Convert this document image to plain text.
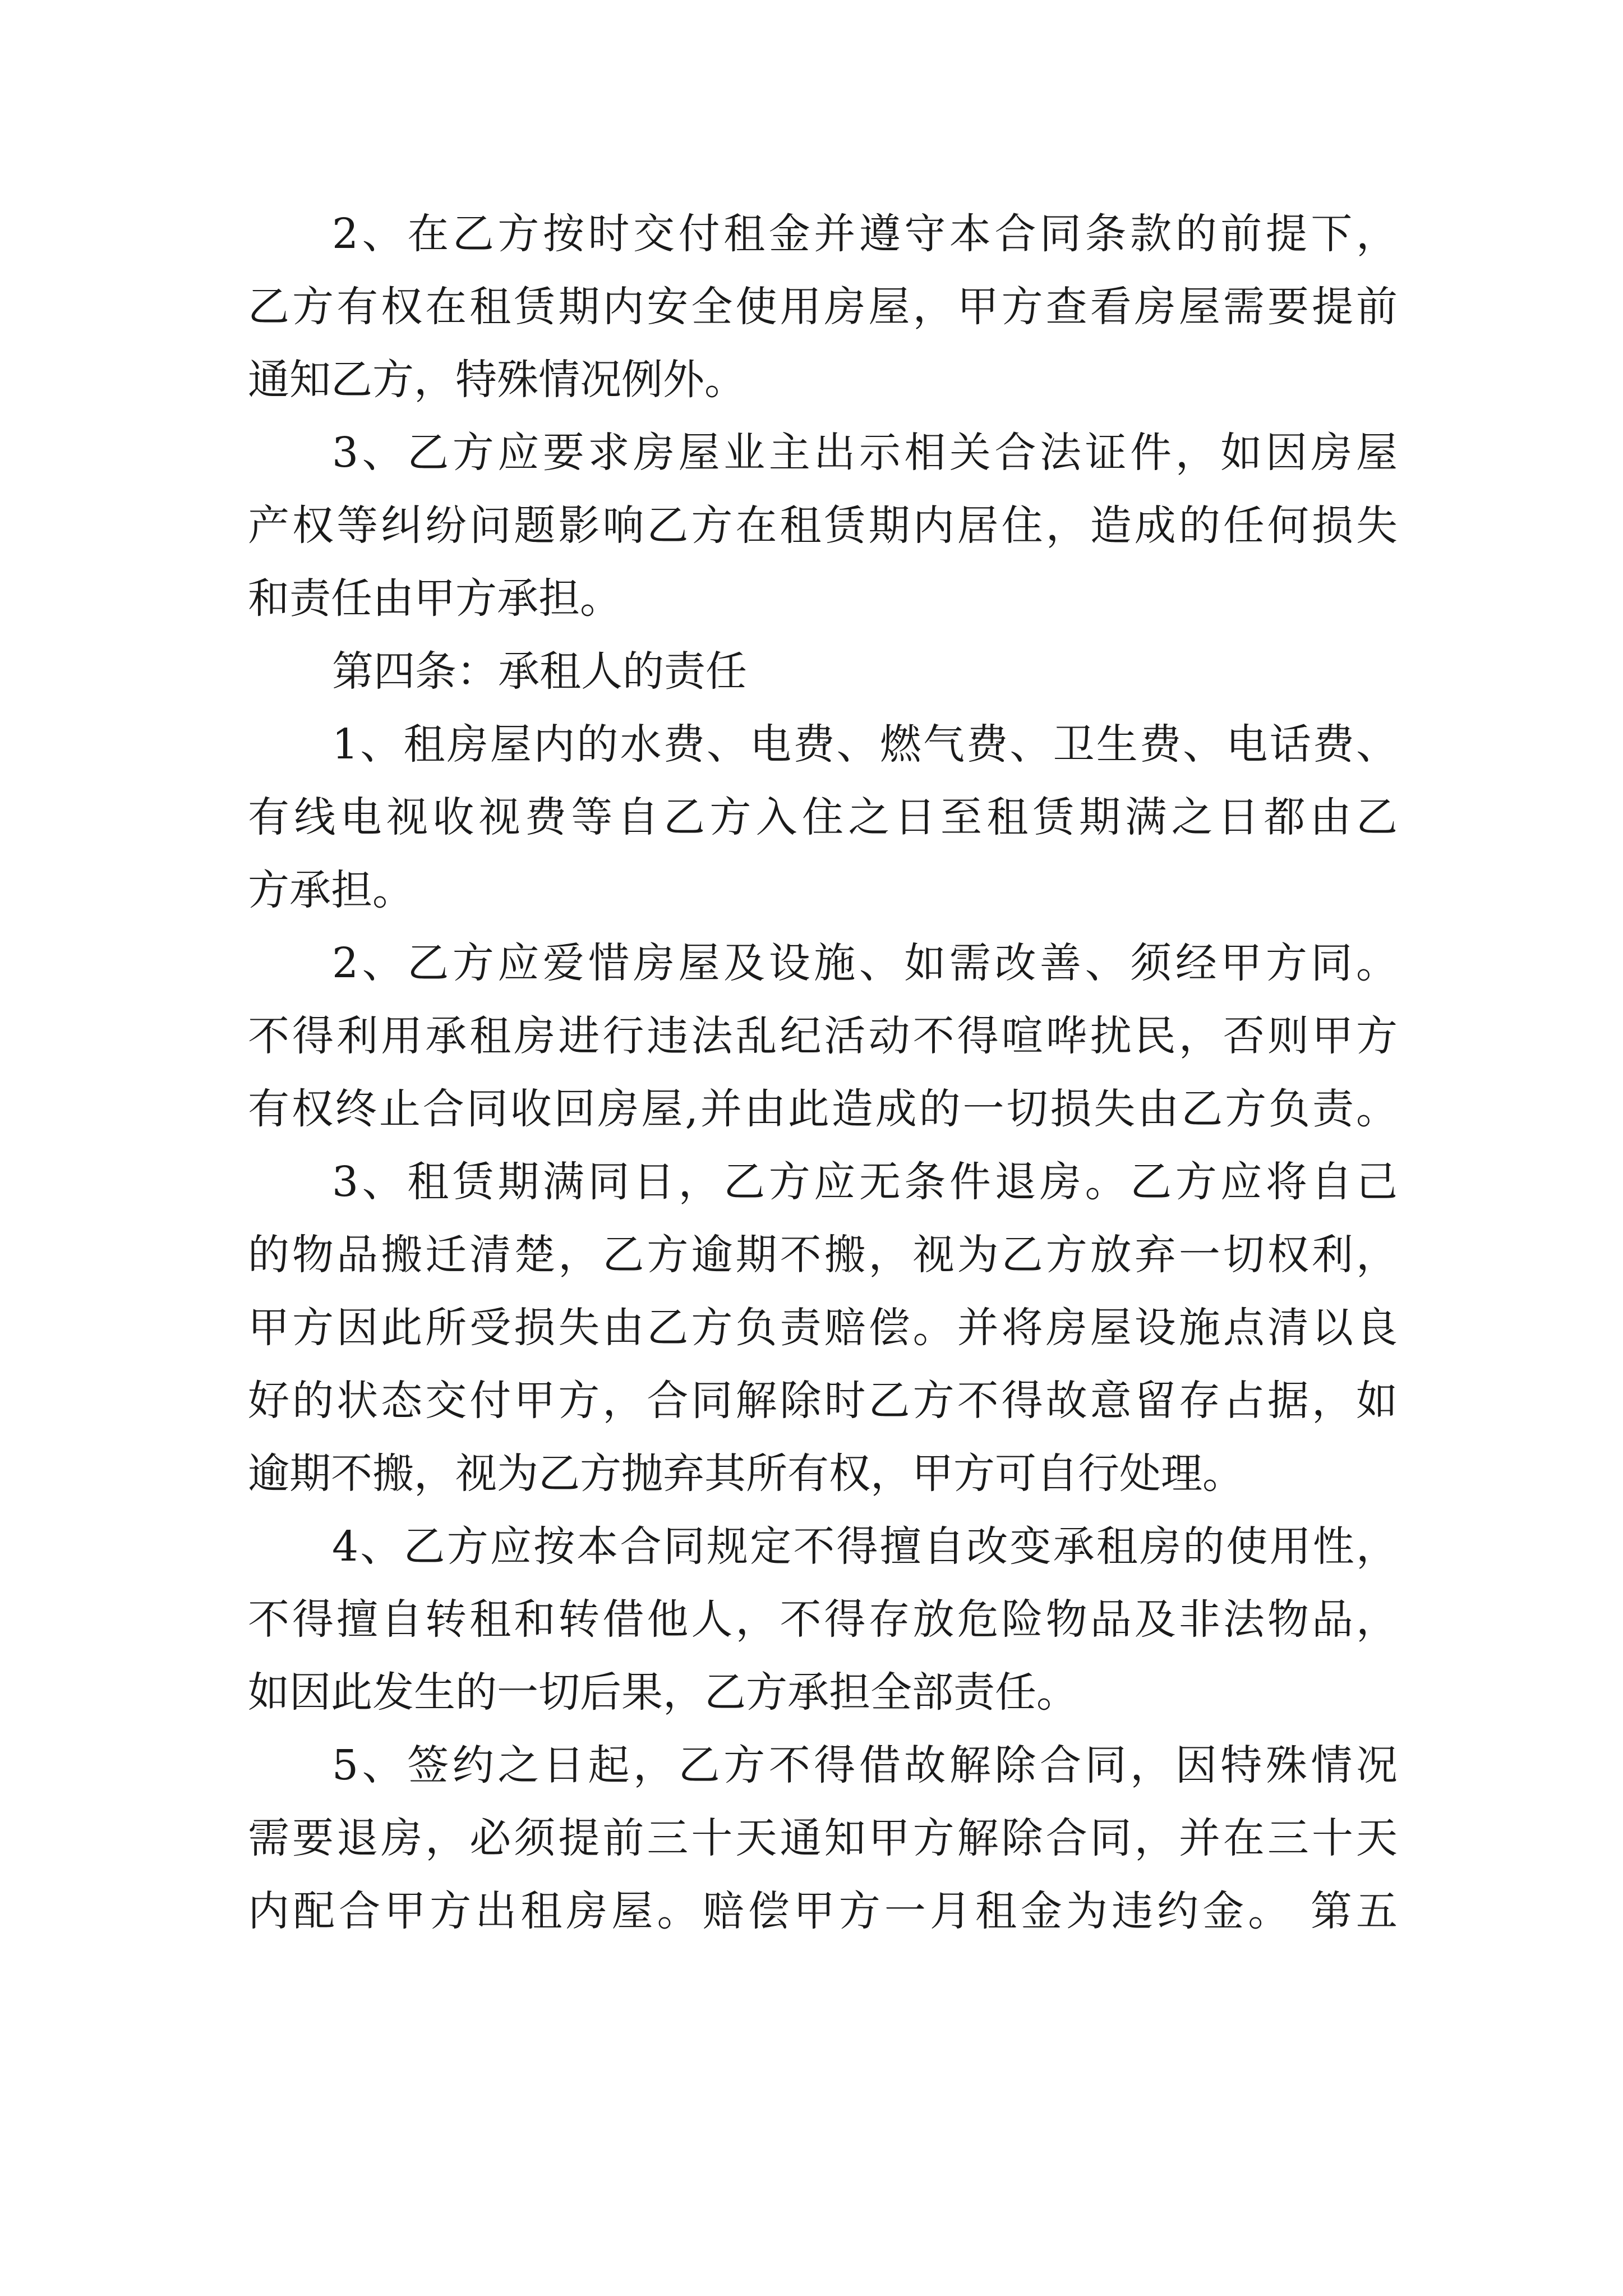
2、在乙方按时交付租金并遵守本合同条款的前提下，
乙方有权在租赁期内安全使用房屋，甲方查看房屋需要提前
通知乙方，特殊情况例外。
3、乙方应要求房屋业主出示相关合法证件，如因房屋
产权等纠纷问题影响乙方在租赁期内居住，造成的任何损失
和责任由甲方承担。
第四条：承租人的责任
1、租房屋内的水费、电费、燃气费、卫生费、电话费、
有线电视收视费等自乙方入住之日至租赁期满之日都由乙
方承担。
2、乙方应爱惜房屋及设施、如需改善、须经甲方同。
不得利用承租房进行违法乱纪活动不得喧哗扰民，否则甲方
有权终止合同收回房屋,并由此造成的一切损失由乙方负责。
3、租赁期满同日，乙方应无条件退房。乙方应将自己
的物品搬迁清楚，乙方逾期不搬，视为乙方放弃一切权利，
甲方因此所受损失由乙方负责赔偿。并将房屋设施点清以良
好的状态交付甲方，合同解除时乙方不得故意留存占据，如
逾期不搬，视为乙方抛弃其所有权，甲方可自行处理。
4、乙方应按本合同规定不得擅自改变承租房的使用性，
不得擅自转租和转借他人，不得存放危险物品及非法物品，
如因此发生的一切后果，乙方承担全部责任。
5、签约之日起，乙方不得借故解除合同，因特殊情况
需要退房，必须提前三十天通知甲方解除合同，并在三十天
内配合甲方出租房屋。赔偿甲方一月租金为违约金。 第五
